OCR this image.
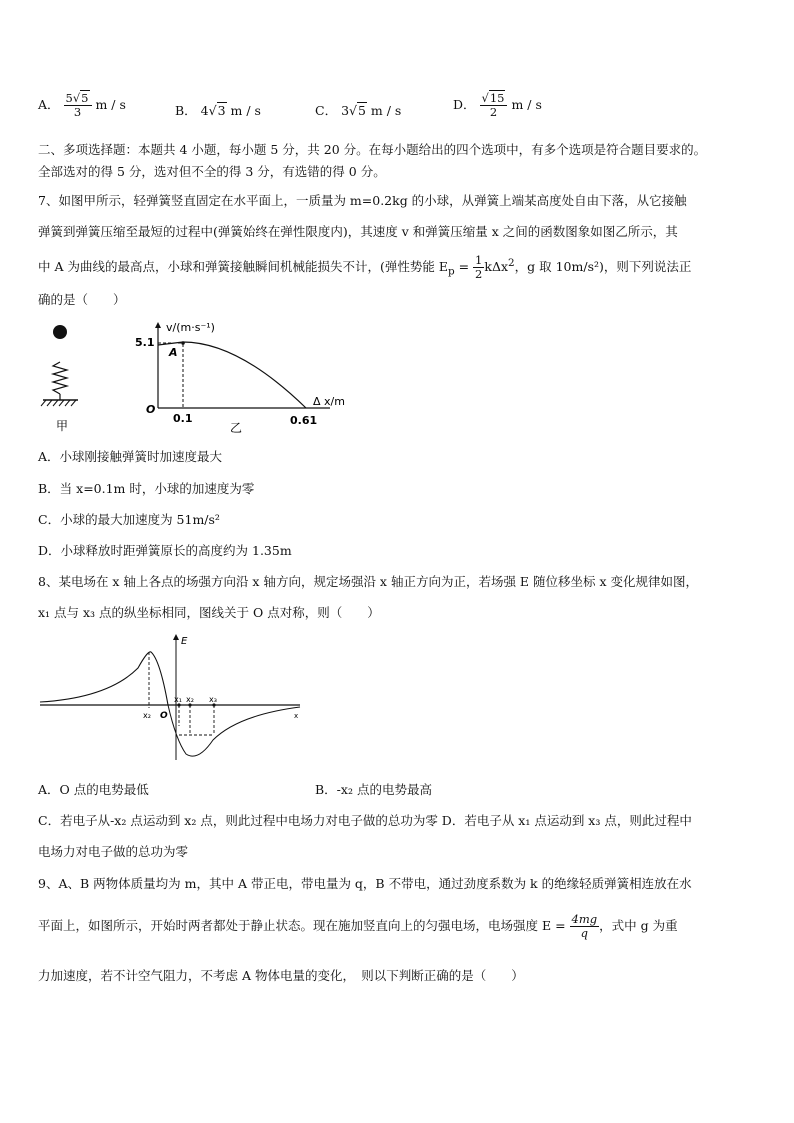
A． $\frac{5√5}{3}$ m / s	B． 4√3 m / s	C． 3√5 m / s	D． $\frac{√15}{2}$ m / s
二、多项选择题：本题共 4 小题，每小题 5 分，共 20 分。在每小题给出的四个选项中，有多个选项是符合题目要求的。
全部选对的得 5 分，选对但不全的得 3 分，有选错的得 0 分。
7、如图甲所示，轻弹簧竖直固定在水平面上，一质量为 m=0.2kg 的小球，从弹簧上端某高度处自由下落，从它接触
弹簧到弹簧压缩至最短的过程中(弹簧始终在弹性限度内)，其速度 v 和弹簧压缩量 x 之间的函数图象如图乙所示，其
中 A 为曲线的最高点，小球和弹簧接触瞬间机械能损失不计，(弹性势能 $E_p = \frac{1}{2} k\Delta x^2$，g 取 10m/s²)，则下列说法正
确的是（　　）
甲
v/(m·s⁻¹)
5.1
A
O
0.1
乙
0.61
Δ x/m
A．小球刚接触弹簧时加速度最大
B．当 x=0.1m 时，小球的加速度为零
C．小球的最大加速度为 51m/s²
D．小球释放时距弹簧原长的高度约为 1.35m
8、某电场在 x 轴上各点的场强方向沿 x 轴方向，规定场强沿 x 轴正方向为正，若场强 E 随位移坐标 x 变化规律如图，
x₁ 点与 x₃ 点的纵坐标相同，图线关于 O 点对称，则（　　）
E
x₂ O
x₁ x₂ x₃
x
A．O 点的电势最低	B．-x₂ 点的电势最高
C．若电子从-x₂ 点运动到 x₂ 点，则此过程中电场力对电子做的总功为零 D．若电子从 x₁ 点运动到 x₃ 点，则此过程中
电场力对电子做的总功为零
9、A、B 两物体质量均为 m，其中 A 带正电，带电量为 q，B 不带电，通过劲度系数为 k 的绝缘轻质弹簧相连放在水
平面上，如图所示，开始时两者都处于静止状态。现在施加竖直向上的匀强电场，电场强度 $E = \frac{4mg}{q}$ ，式中 g 为重
力加速度，若不计空气阻力，不考虑 A 物体电量的变化，　则以下判断正确的是（　　）
